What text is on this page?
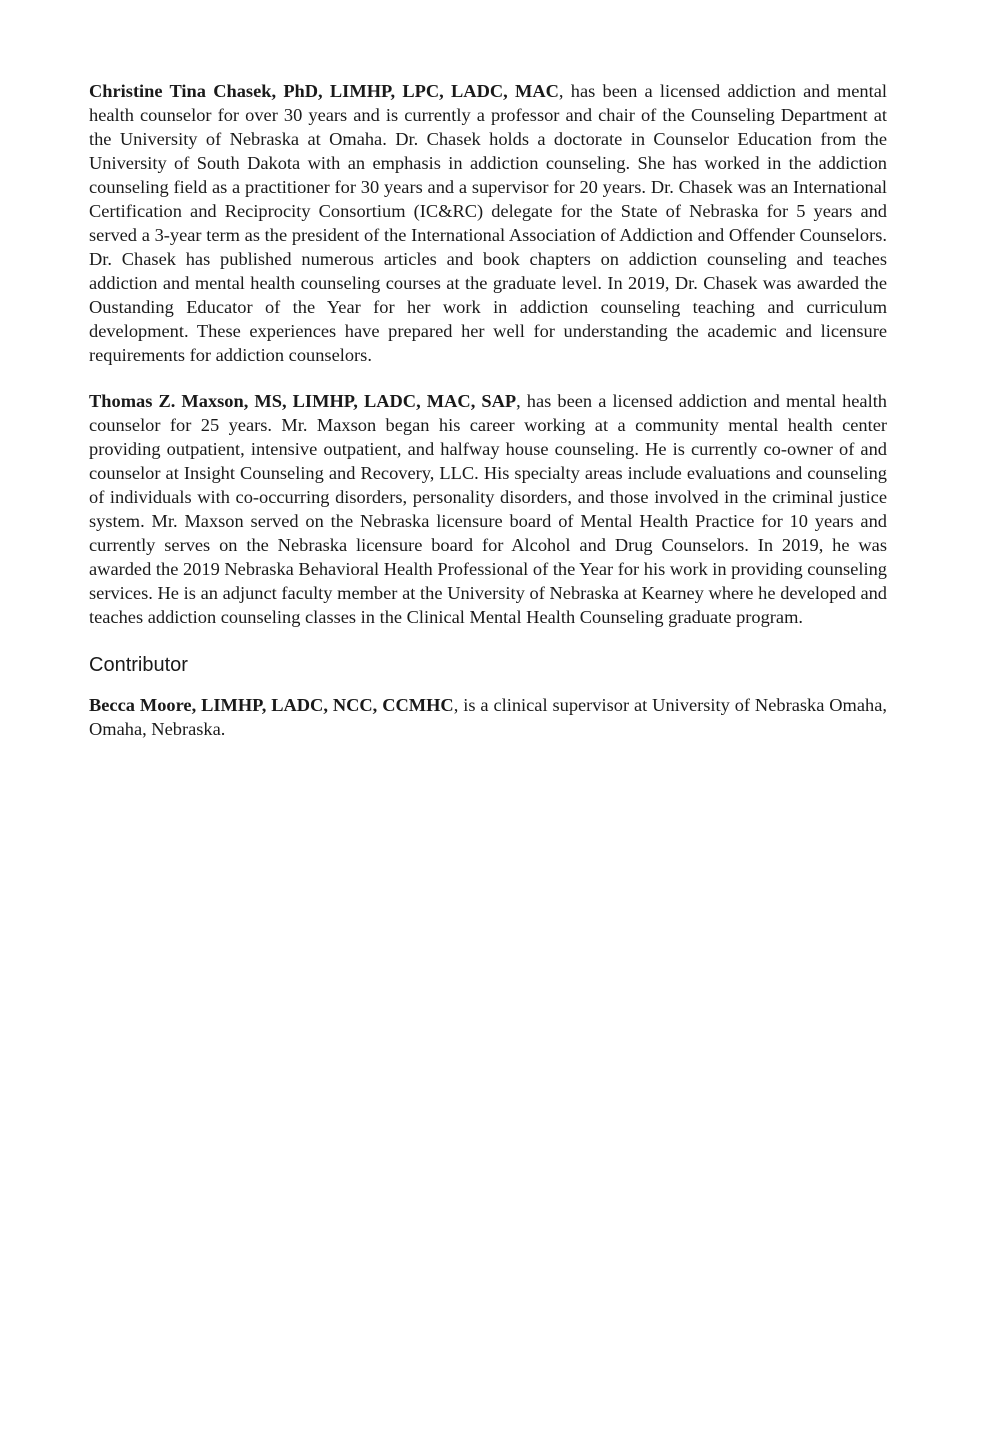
Christine Tina Chasek, PhD, LIMHP, LPC, LADC, MAC, has been a licensed addiction and mental health counselor for over 30 years and is currently a professor and chair of the Counseling Department at the University of Nebraska at Omaha. Dr. Chasek holds a doctorate in Counselor Education from the University of South Dakota with an emphasis in addiction counseling. She has worked in the addiction counseling field as a practitioner for 30 years and a supervisor for 20 years. Dr. Chasek was an International Certification and Reciprocity Consortium (IC&RC) delegate for the State of Nebraska for 5 years and served a 3-year term as the president of the International Association of Addiction and Offender Counselors. Dr. Chasek has published numerous articles and book chapters on addiction counseling and teaches addiction and mental health counseling courses at the graduate level. In 2019, Dr. Chasek was awarded the Oustanding Educator of the Year for her work in addiction counseling teaching and curriculum development. These experiences have prepared her well for understanding the academic and licensure requirements for addiction counselors.

Thomas Z. Maxson, MS, LIMHP, LADC, MAC, SAP, has been a licensed addiction and mental health counselor for 25 years. Mr. Maxson began his career working at a community mental health center providing outpatient, intensive outpatient, and halfway house counseling. He is currently co-owner of and counselor at Insight Counseling and Recovery, LLC. His specialty areas include evaluations and counseling of individuals with co-occurring disorders, personality disorders, and those involved in the criminal justice system. Mr. Maxson served on the Nebraska licensure board of Mental Health Practice for 10 years and currently serves on the Nebraska licensure board for Alcohol and Drug Counselors. In 2019, he was awarded the 2019 Nebraska Behavioral Health Professional of the Year for his work in providing counseling services. He is an adjunct faculty member at the University of Nebraska at Kearney where he developed and teaches addiction counseling classes in the Clinical Mental Health Counseling graduate program.

Contributor

Becca Moore, LIMHP, LADC, NCC, CCMHC, is a clinical supervisor at University of Nebraska Omaha, Omaha, Nebraska.
